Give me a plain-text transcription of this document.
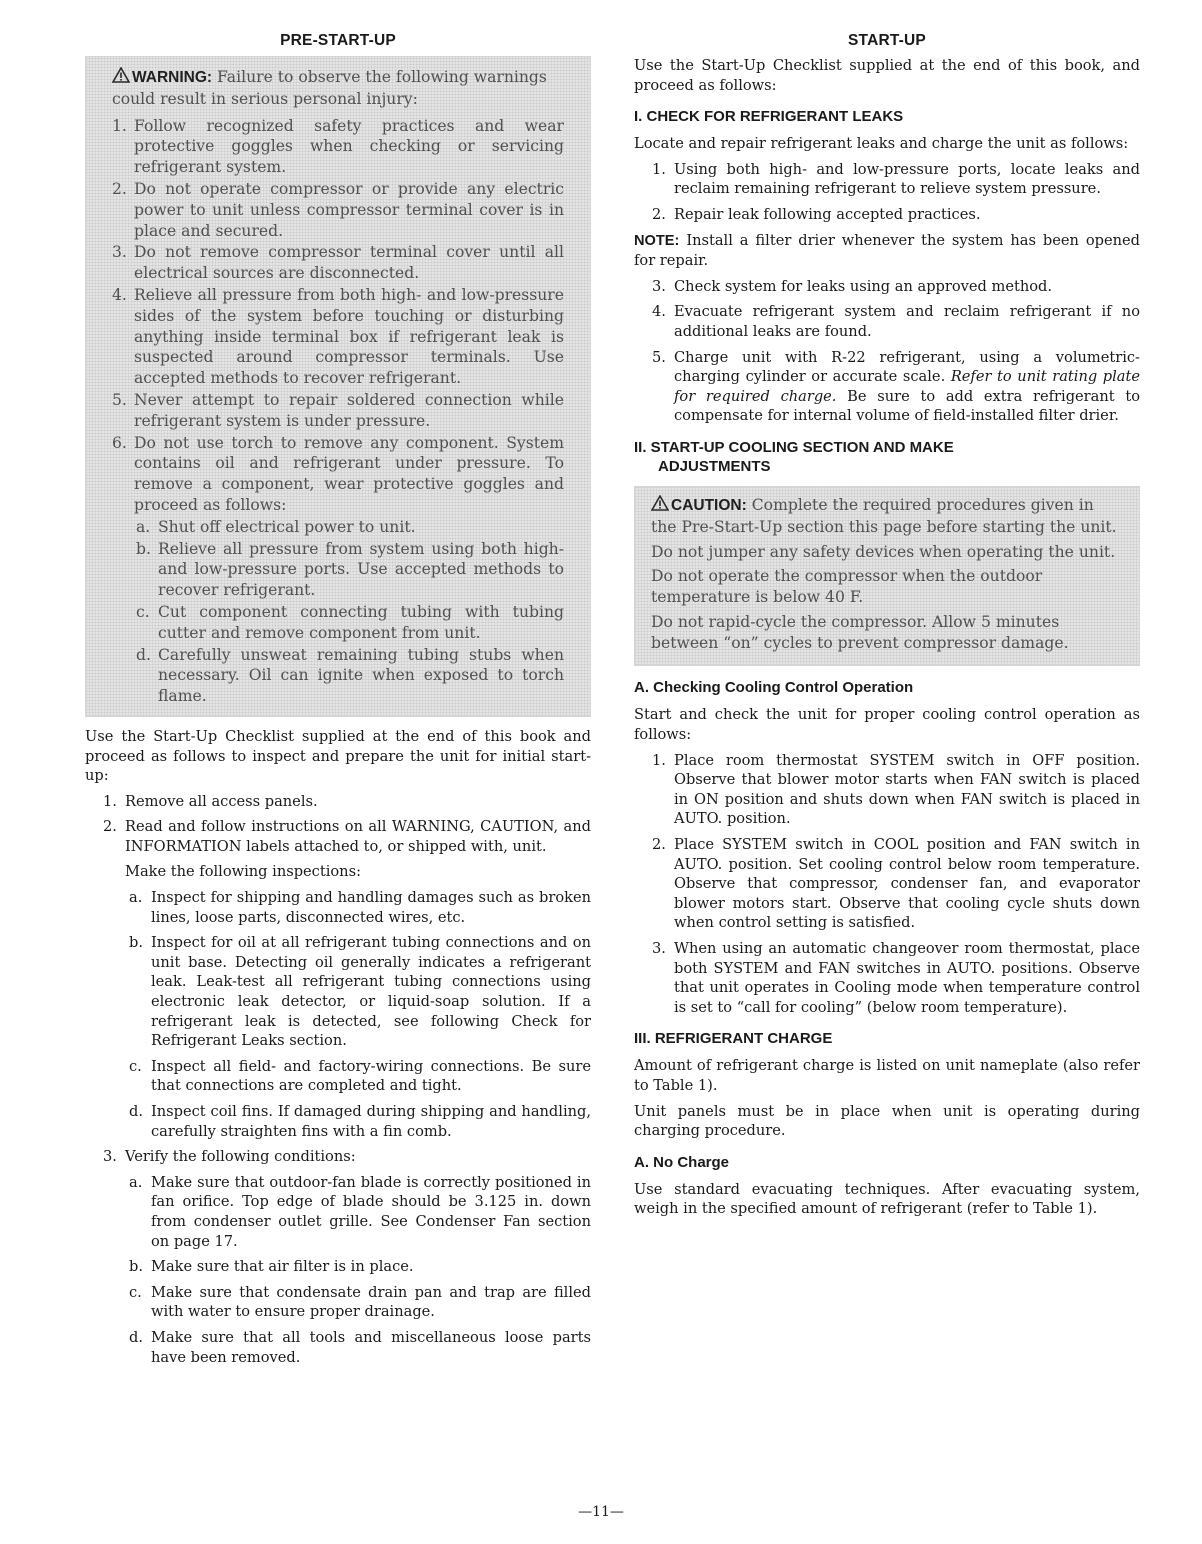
PRE-START-UP
WARNING: Failure to observe the following warnings could result in serious personal injury:
1. Follow recognized safety practices and wear protective goggles when checking or servicing refrigerant system.
2. Do not operate compressor or provide any electric power to unit unless compressor terminal cover is in place and secured.
3. Do not remove compressor terminal cover until all electrical sources are disconnected.
4. Relieve all pressure from both high- and low-pressure sides of the system before touching or disturbing anything inside terminal box if refrigerant leak is suspected around compressor terminals. Use accepted methods to recover refrigerant.
5. Never attempt to repair soldered connection while refrigerant system is under pressure.
6. Do not use torch to remove any component. System contains oil and refrigerant under pressure. To remove a component, wear protective goggles and proceed as follows:
a. Shut off electrical power to unit.
b. Relieve all pressure from system using both high- and low-pressure ports. Use accepted methods to recover refrigerant.
c. Cut component connecting tubing with tubing cutter and remove component from unit.
d. Carefully unsweat remaining tubing stubs when necessary. Oil can ignite when exposed to torch flame.
Use the Start-Up Checklist supplied at the end of this book and proceed as follows to inspect and prepare the unit for initial start-up:
1. Remove all access panels.
2. Read and follow instructions on all WARNING, CAUTION, and INFORMATION labels attached to, or shipped with, unit.
Make the following inspections:
a. Inspect for shipping and handling damages such as broken lines, loose parts, disconnected wires, etc.
b. Inspect for oil at all refrigerant tubing connections and on unit base. Detecting oil generally indicates a refrigerant leak. Leak-test all refrigerant tubing connections using electronic leak detector, or liquid-soap solution. If a refrigerant leak is detected, see following Check for Refrigerant Leaks section.
c. Inspect all field- and factory-wiring connections. Be sure that connections are completed and tight.
d. Inspect coil fins. If damaged during shipping and handling, carefully straighten fins with a fin comb.
3. Verify the following conditions:
a. Make sure that outdoor-fan blade is correctly positioned in fan orifice. Top edge of blade should be 3.125 in. down from condenser outlet grille. See Condenser Fan section on page 17.
b. Make sure that air filter is in place.
c. Make sure that condensate drain pan and trap are filled with water to ensure proper drainage.
d. Make sure that all tools and miscellaneous loose parts have been removed.
START-UP
Use the Start-Up Checklist supplied at the end of this book, and proceed as follows:
I. CHECK FOR REFRIGERANT LEAKS
Locate and repair refrigerant leaks and charge the unit as follows:
1. Using both high- and low-pressure ports, locate leaks and reclaim remaining refrigerant to relieve system pressure.
2. Repair leak following accepted practices.
NOTE: Install a filter drier whenever the system has been opened for repair.
3. Check system for leaks using an approved method.
4. Evacuate refrigerant system and reclaim refrigerant if no additional leaks are found.
5. Charge unit with R-22 refrigerant, using a volumetric-charging cylinder or accurate scale. Refer to unit rating plate for required charge. Be sure to add extra refrigerant to compensate for internal volume of field-installed filter drier.
II. START-UP COOLING SECTION AND MAKE
ADJUSTMENTS
CAUTION: Complete the required procedures given in the Pre-Start-Up section this page before starting the unit.
Do not jumper any safety devices when operating the unit.
Do not operate the compressor when the outdoor temperature is below 40 F.
Do not rapid-cycle the compressor. Allow 5 minutes between “on” cycles to prevent compressor damage.
A. Checking Cooling Control Operation
Start and check the unit for proper cooling control operation as follows:
1. Place room thermostat SYSTEM switch in OFF position. Observe that blower motor starts when FAN switch is placed in ON position and shuts down when FAN switch is placed in AUTO. position.
2. Place SYSTEM switch in COOL position and FAN switch in AUTO. position. Set cooling control below room temperature. Observe that compressor, condenser fan, and evaporator blower motors start. Observe that cooling cycle shuts down when control setting is satisfied.
3. When using an automatic changeover room thermostat, place both SYSTEM and FAN switches in AUTO. positions. Observe that unit operates in Cooling mode when temperature control is set to “call for cooling” (below room temperature).
III. REFRIGERANT CHARGE
Amount of refrigerant charge is listed on unit nameplate (also refer to Table 1).
Unit panels must be in place when unit is operating during charging procedure.
A. No Charge
Use standard evacuating techniques. After evacuating system, weigh in the specified amount of refrigerant (refer to Table 1).
—11—
